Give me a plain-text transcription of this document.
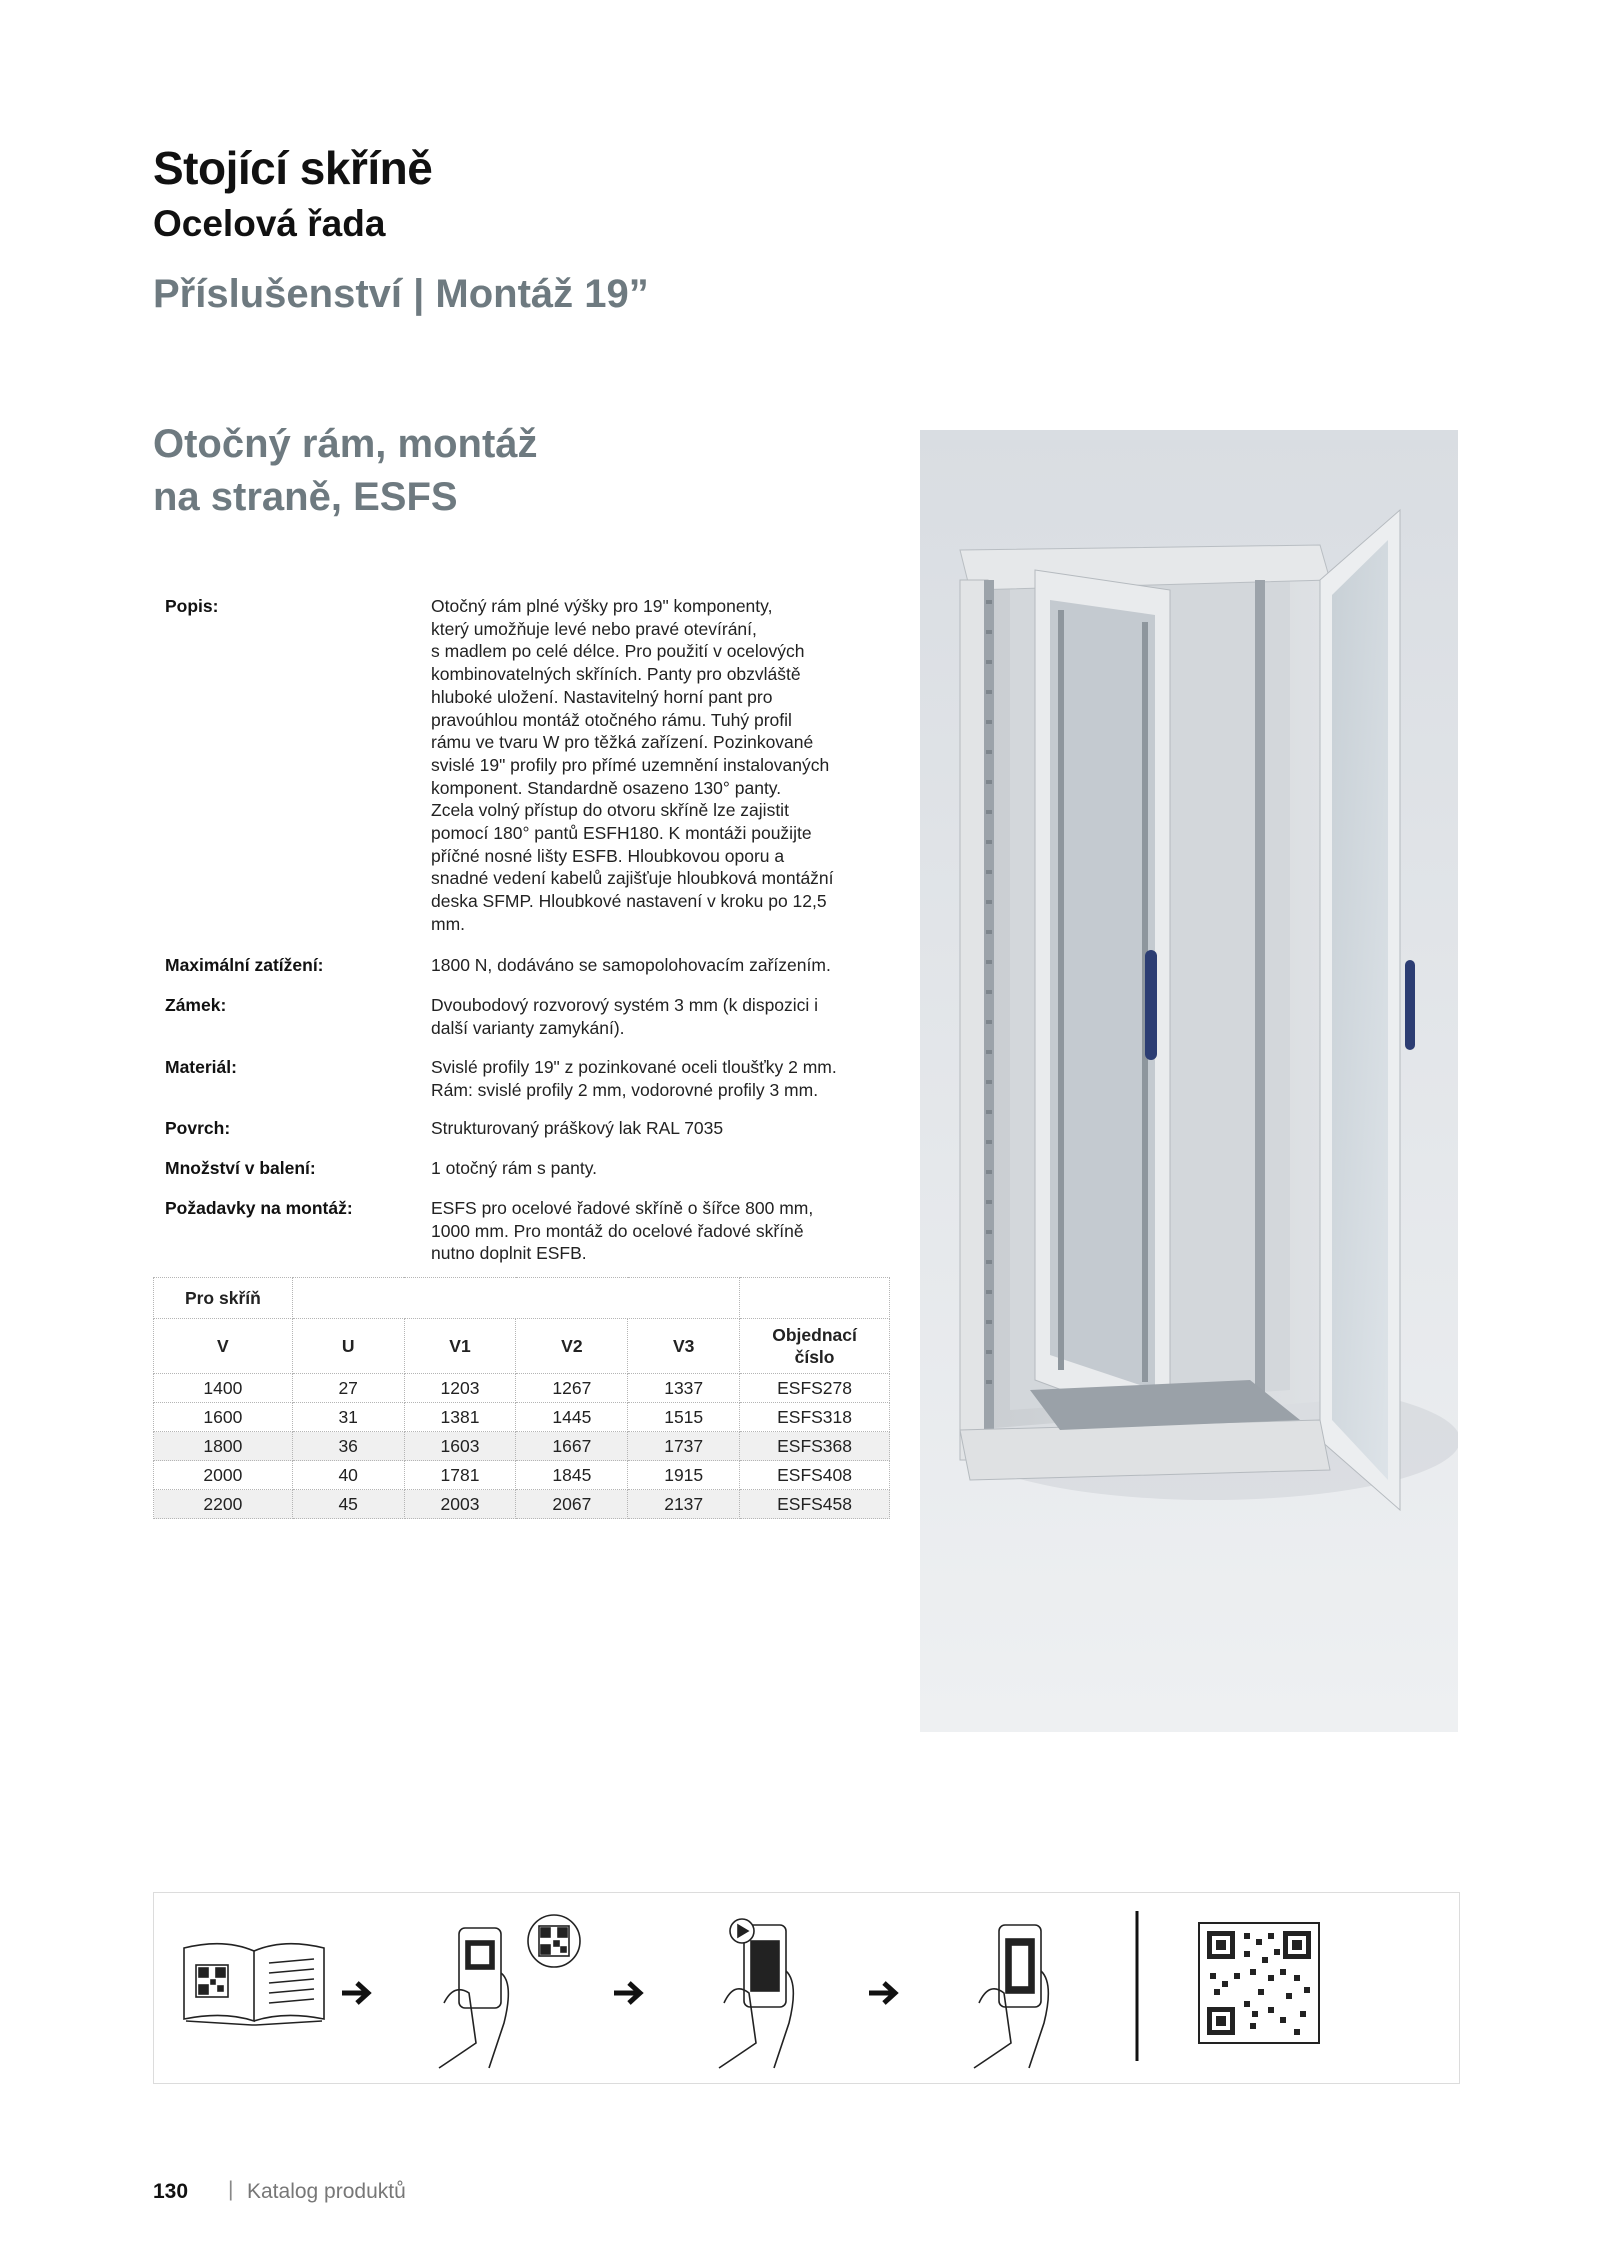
Stojící skříně
Ocelová řada
Příslušenství | Montáž 19”
Otočný rám, montáž
na straně, ESFS
Popis:	Otočný rám plné výšky pro 19" komponenty,
který umožňuje levé nebo pravé otevírání,
s madlem po celé délce. Pro použití v ocelových
kombinovatelných skříních. Panty pro obzvláště
hluboké uložení. Nastavitelný horní pant pro
pravoúhlou montáž otočného rámu. Tuhý profil
rámu ve tvaru W pro těžká zařízení. Pozinkované
svislé 19" profily pro přímé uzemnění instalovaných
komponent. Standardně osazeno 130° panty.
Zcela volný přístup do otvoru skříně lze zajistit
pomocí 180° pantů ESFH180. K montáži použijte
příčné nosné lišty ESFB. Hloubkovou oporu a
snadné vedení kabelů zajišťuje hloubková montážní
deska SFMP. Hloubkové nastavení v kroku po 12,5
mm.
Maximální zatížení:	1800 N, dodáváno se samopolohovacím zařízením.
Zámek:	Dvoubodový rozvorový systém 3 mm (k dispozici i
další varianty zamykání).
Materiál:	Svislé profily 19" z pozinkované oceli tloušťky 2 mm.
Rám: svislé profily 2 mm, vodorovné profily 3 mm.
Povrch:	Strukturovaný práškový lak RAL 7035
Množství v balení:	1 otočný rám s panty.
Požadavky na montáž:	ESFS pro ocelové řadové skříně o šířce 800 mm,
1000 mm. Pro montáž do ocelové řadové skříně
nutno doplnit ESFB.
Pro skříň					
V	U	V1	V2	V3	Objednací
číslo

1400	27	1203	1267	1337	ESFS278
1600	31	1381	1445	1515	ESFS318
1800	36	1603	1667	1737	ESFS368
2000	40	1781	1845	1915	ESFS408
2200	45	2003	2067	2137	ESFS458
130 | Katalog produktů
